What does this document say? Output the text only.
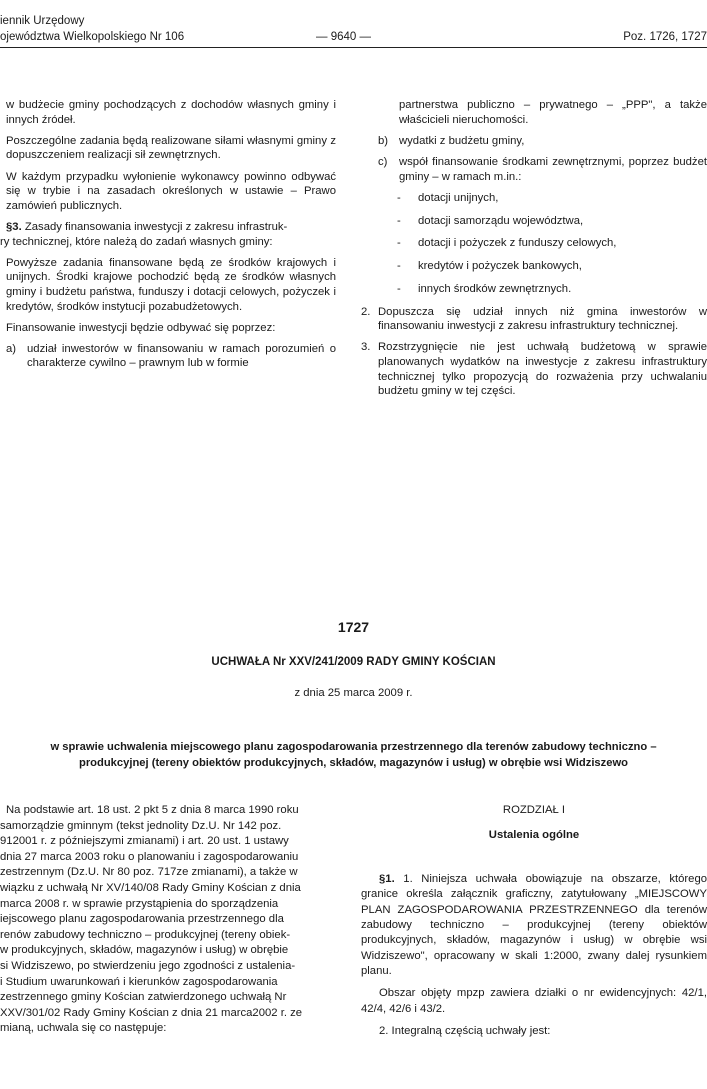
iennik Urzędowy
ojewództwa Wielkopolskiego Nr 106	— 9640 —	Poz. 1726, 1727

w budżecie gminy pochodzących z dochodów własnych gminy i innych źródeł.

Poszczególne zadania będą realizowane siłami własnymi gminy z dopuszczeniem realizacji sił zewnętrznych.

W każdym przypadku wyłonienie wykonawcy powinno odbywać się w trybie i na zasadach określonych w ustawie – Prawo zamówień publicznych.

§3. Zasady finansowania inwestycji z zakresu infrastruk-
ry technicznej, które należą do zadań własnych gminy:

Powyższe zadania finansowane będą ze środków krajowych i unijnych. Środki krajowe pochodzić będą ze środków własnych gminy i budżetu państwa, funduszy i dotacji celowych, pożyczek i kredytów, środków instytucji pozabudżetowych.

Finansowanie inwestycji będzie odbywać się poprzez:

a) udział inwestorów w finansowaniu w ramach porozumień o charakterze cywilno – prawnym lub w formie

partnerstwa publiczno – prywatnego – „PPP", a także właścicieli nieruchomości.

b) wydatki z budżetu gminy,
c) współ finansowanie środkami zewnętrznymi, poprzez budżet gminy – w ramach m.in.:
- dotacji unijnych,
- dotacji samorządu województwa,
- dotacji i pożyczek z funduszy celowych,
- kredytów i pożyczek bankowych,
- innych środków zewnętrznych.
2. Dopuszcza się udział innych niż gmina inwestorów w finansowaniu inwestycji z zakresu infrastruktury technicznej.
3. Rozstrzygnięcie nie jest uchwałą budżetową w sprawie planowanych wydatków na inwestycje z zakresu infrastruktury technicznej tylko propozycją do rozważenia przy uchwalaniu budżetu gminy w tej części.
1727
UCHWAŁA Nr XXV/241/2009 RADY GMINY KOŚCIAN
z dnia 25 marca 2009 r.
w sprawie uchwalenia miejscowego planu zagospodarowania przestrzennego dla terenów zabudowy techniczno –
produkcyjnej (tereny obiektów produkcyjnych, składów, magazynów i usług) w obrębie wsi Widziszewo
Na podstawie art. 18 ust. 2 pkt 5 z dnia 8 marca 1990 roku
samorządzie gminnym (tekst jednolity Dz.U. Nr 142 poz.
912001 r. z późniejszymi zmianami) i art. 20 ust. 1 ustawy
dnia 27 marca 2003 roku o planowaniu i zagospodarowaniu
zestrzennym (Dz.U. Nr 80 poz. 717ze zmianami), a także w
wiązku z uchwałą Nr XV/140/08 Rady Gminy Kościan z dnia
marca 2008 r. w sprawie przystąpienia do sporządzenia
iejscowego planu zagospodarowania przestrzennego dla
renów zabudowy techniczno – produkcyjnej (tereny obiek-
w produkcyjnych, składów, magazynów i usług) w obrębie
si Widziszewo, po stwierdzeniu jego zgodności z ustalenia-
i Studium uwarunkowań i kierunków zagospodarowania
zestrzennego gminy Kościan zatwierdzonego uchwałą Nr
XXV/301/02 Rady Gminy Kościan z dnia 21 marca2002 r. ze
mianą, uchwala się co następuje:
ROZDZIAŁ I
Ustalenia ogólne

§1. 1. Niniejsza uchwała obowiązuje na obszarze, którego granice określa załącznik graficzny, zatytułowany „MIEJSCOWY PLAN ZAGOSPODAROWANIA PRZESTRZENNEGO dla terenów zabudowy techniczno – produkcyjnej (tereny obiektów produkcyjnych, składów, magazynów i usług) w obrębie wsi Widziszewo", opracowany w skali 1:2000, zwany dalej rysunkiem planu.

Obszar objęty mpzp zawiera działki o nr ewidencyjnych: 42/1, 42/4, 42/6 i 43/2.

2. Integralną częścią uchwały jest:
